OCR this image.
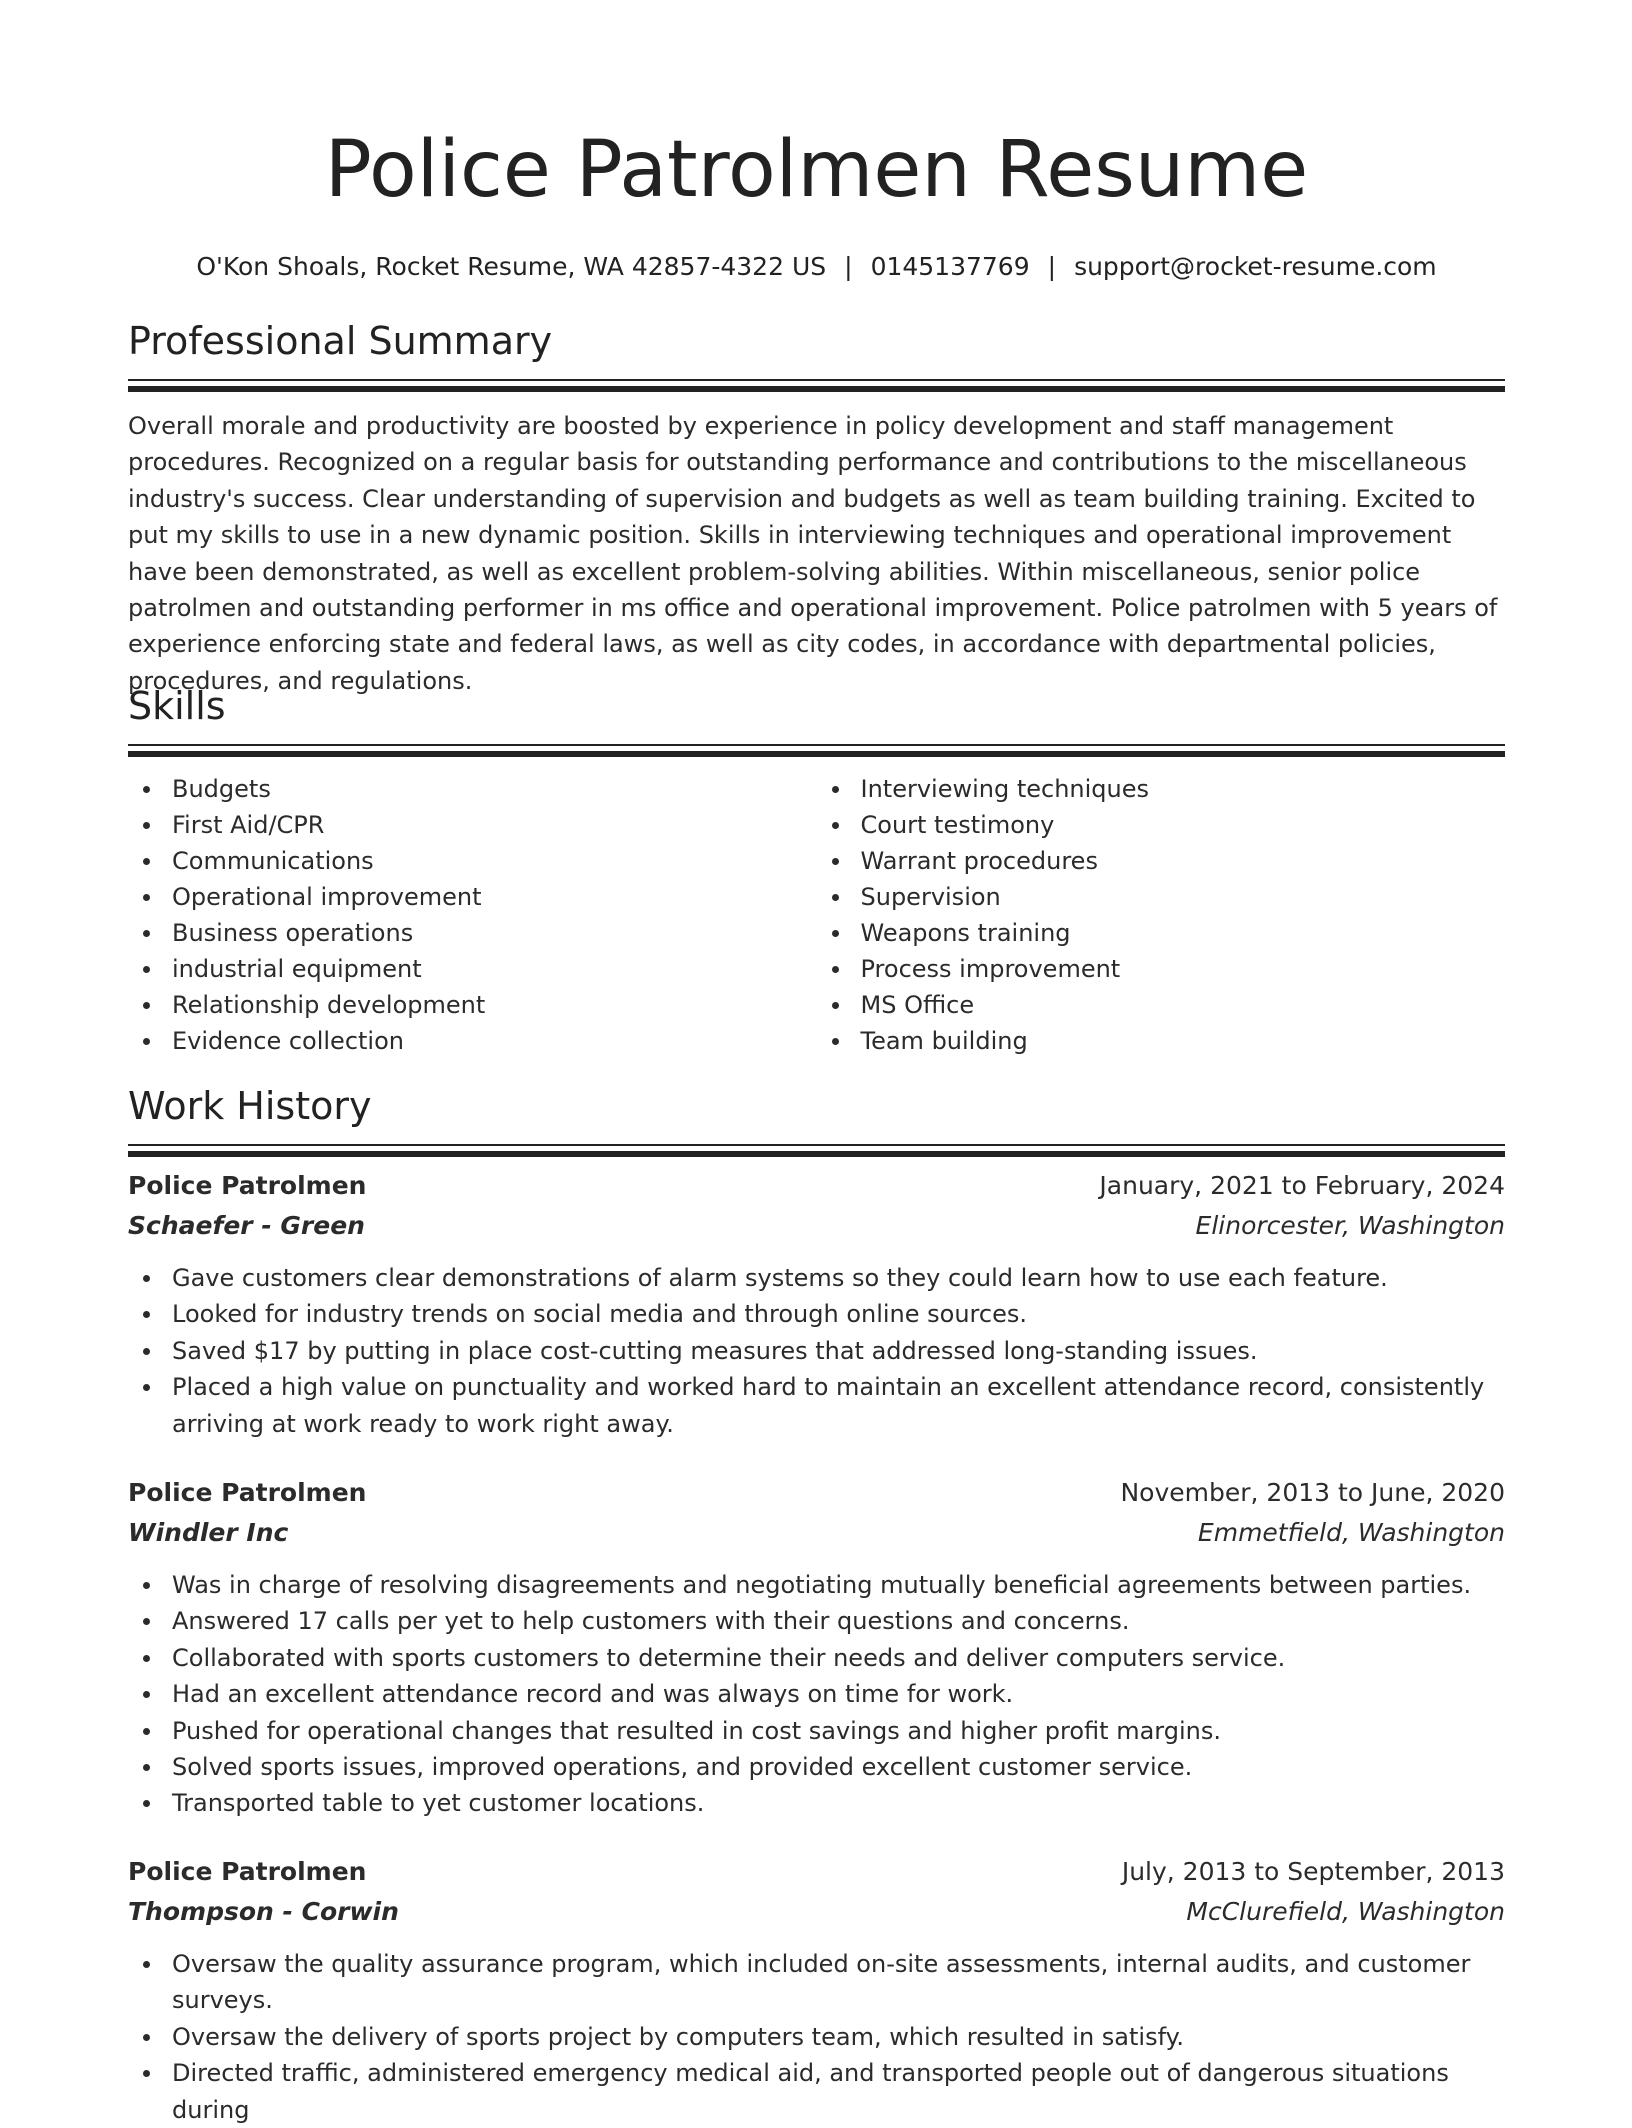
Police Patrolmen Resume
O'Kon Shoals, Rocket Resume, WA 42857-4322 US | 0145137769 | support@rocket-resume.com
Professional Summary

Overall morale and productivity are boosted by experience in policy development and staff management procedures. Recognized on a regular basis for outstanding performance and contributions to the miscellaneous industry's success. Clear understanding of supervision and budgets as well as team building training. Excited to put my skills to use in a new dynamic position. Skills in interviewing techniques and operational improvement have been demonstrated, as well as excellent problem-solving abilities. Within miscellaneous, senior police patrolmen and outstanding performer in ms office and operational improvement. Police patrolmen with 5 years of experience enforcing state and federal laws, as well as city codes, in accordance with departmental policies, procedures, and regulations.

Skills
Budgets
First Aid/CPR
Communications
Operational improvement
Business operations
industrial equipment
Relationship development
Evidence collection
Interviewing techniques
Court testimony
Warrant procedures
Supervision
Weapons training
Process improvement
MS Office
Team building
Work History
Police Patrolmen	January, 2021 to February, 2024
Schaefer - Green	Elinorcester, Washington
Gave customers clear demonstrations of alarm systems so they could learn how to use each feature.
Looked for industry trends on social media and through online sources.
Saved $17 by putting in place cost-cutting measures that addressed long-standing issues.
Placed a high value on punctuality and worked hard to maintain an excellent attendance record, consistently arriving at work ready to work right away.
Police Patrolmen	November, 2013 to June, 2020
Windler Inc	Emmetfield, Washington
Was in charge of resolving disagreements and negotiating mutually beneficial agreements between parties.
Answered 17 calls per yet to help customers with their questions and concerns.
Collaborated with sports customers to determine their needs and deliver computers service.
Had an excellent attendance record and was always on time for work.
Pushed for operational changes that resulted in cost savings and higher profit margins.
Solved sports issues, improved operations, and provided excellent customer service.
Transported table to yet customer locations.
Police Patrolmen	July, 2013 to September, 2013
Thompson - Corwin	McClurefield, Washington
Oversaw the quality assurance program, which included on-site assessments, internal audits, and customer surveys.
Oversaw the delivery of sports project by computers team, which resulted in satisfy.
Directed traffic, administered emergency medical aid, and transported people out of dangerous situations during
